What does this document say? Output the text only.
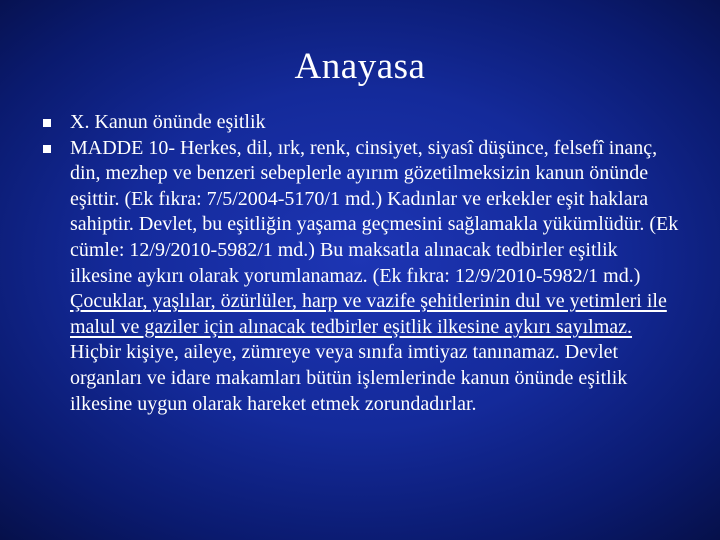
Anayasa
X. Kanun önünde eşitlik
MADDE 10- Herkes, dil, ırk, renk, cinsiyet, siyasî düşünce, felsefî inanç, din, mezhep ve benzeri sebeplerle ayırım gözetilmeksizin kanun önünde eşittir. (Ek fıkra: 7/5/2004-5170/1 md.) Kadınlar ve erkekler eşit haklara sahiptir. Devlet, bu eşitliğin yaşama geçmesini sağlamakla yükümlüdür. (Ek cümle: 12/9/2010-5982/1 md.) Bu maksatla alınacak tedbirler eşitlik ilkesine aykırı olarak yorumlanamaz. (Ek fıkra: 12/9/2010-5982/1 md.) Çocuklar, yaşlılar, özürlüler, harp ve vazife şehitlerinin dul ve yetimleri ile malul ve gaziler için alınacak tedbirler eşitlik ilkesine aykırı sayılmaz. Hiçbir kişiye, aileye, zümreye veya sınıfa imtiyaz tanınamaz. Devlet organları ve idare makamları bütün işlemlerinde kanun önünde eşitlik ilkesine uygun olarak hareket etmek zorundadırlar.
